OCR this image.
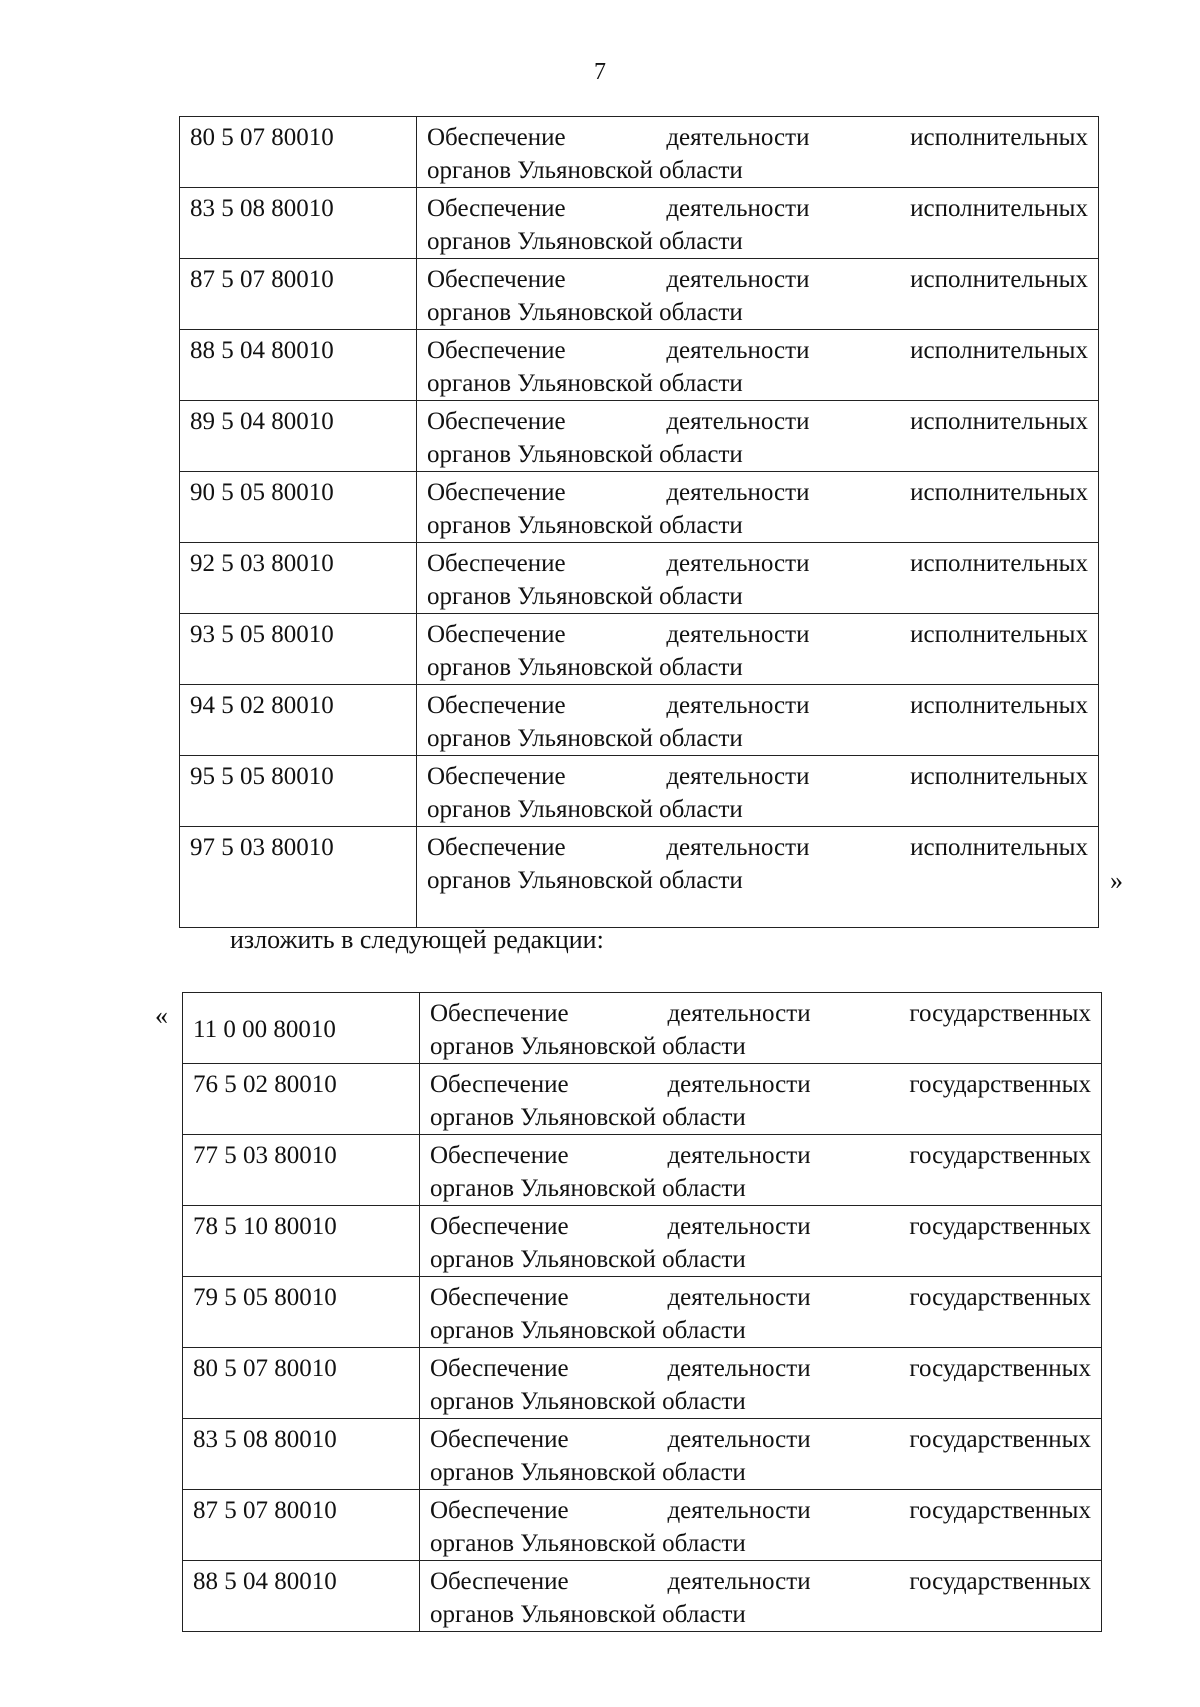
7
80 5 07 80010	Обеспечение деятельности исполнительных
органов Ульяновской области

83 5 08 80010	Обеспечение деятельности исполнительных
органов Ульяновской области

87 5 07 80010	Обеспечение деятельности исполнительных
органов Ульяновской области

88 5 04 80010	Обеспечение деятельности исполнительных
органов Ульяновской области

89 5 04 80010	Обеспечение деятельности исполнительных
органов Ульяновской области

90 5 05 80010	Обеспечение деятельности исполнительных
органов Ульяновской области

92 5 03 80010	Обеспечение деятельности исполнительных
органов Ульяновской области

93 5 05 80010	Обеспечение деятельности исполнительных
органов Ульяновской области

94 5 02 80010	Обеспечение деятельности исполнительных
органов Ульяновской области

95 5 05 80010	Обеспечение деятельности исполнительных
органов Ульяновской области

97 5 03 80010	Обеспечение деятельности исполнительных
органов Ульяновской области	»
изложить в следующей редакции:
« 11 0 00 80010	Обеспечение деятельности государственных
органов Ульяновской области

76 5 02 80010	Обеспечение деятельности государственных
органов Ульяновской области

77 5 03 80010	Обеспечение деятельности государственных
органов Ульяновской области

78 5 10 80010	Обеспечение деятельности государственных
органов Ульяновской области

79 5 05 80010	Обеспечение деятельности государственных
органов Ульяновской области

80 5 07 80010	Обеспечение деятельности государственных
органов Ульяновской области

83 5 08 80010	Обеспечение деятельности государственных
органов Ульяновской области

87 5 07 80010	Обеспечение деятельности государственных
органов Ульяновской области

88 5 04 80010	Обеспечение деятельности государственных
органов Ульяновской области
